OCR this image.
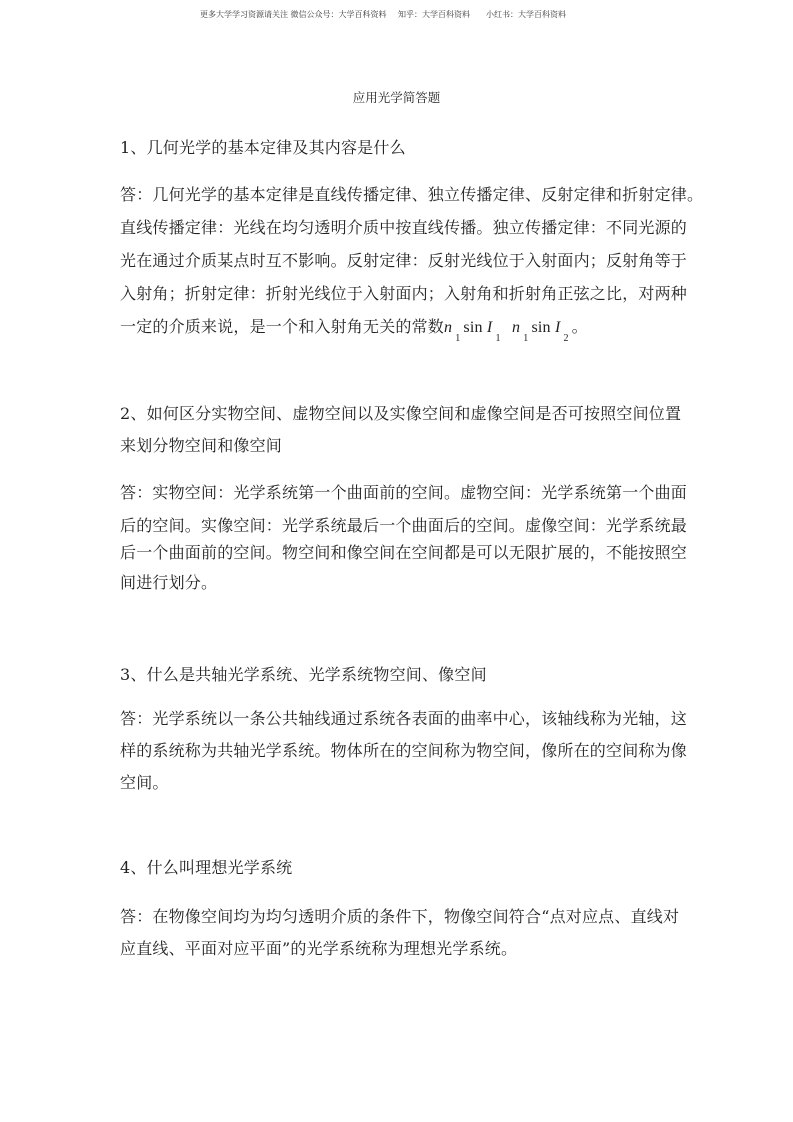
更多大学学习资源请关注 微信公众号：大学百科资料 知乎：大学百科资料 小红书：大学百科资料
应用光学简答题
1、几何光学的基本定律及其内容是什么
答：几何光学的基本定律是直线传播定律、独立传播定律、反射定律和折射定律。
直线传播定律：光线在均匀透明介质中按直线传播。独立传播定律：不同光源的
光在通过介质某点时互不影响。反射定律：反射光线位于入射面内；反射角等于
入射角；折射定律：折射光线位于入射面内；入射角和折射角正弦之比，对两种
一定的介质来说，是一个和入射角无关的常数$n_1\sin$ $I_1$  $n_1\sin$ $I_2$。
2、如何区分实物空间、虚物空间以及实像空间和虚像空间是否可按照空间位置
来划分物空间和像空间
答：实物空间：光学系统第一个曲面前的空间。虚物空间：光学系统第一个曲面
后的空间。实像空间：光学系统最后一个曲面后的空间。虚像空间：光学系统最
后一个曲面前的空间。物空间和像空间在空间都是可以无限扩展的，不能按照空
间进行划分。
3、什么是共轴光学系统、光学系统物空间、像空间
答：光学系统以一条公共轴线通过系统各表面的曲率中心，该轴线称为光轴，这
样的系统称为共轴光学系统。物体所在的空间称为物空间，像所在的空间称为像
空间。
4、什么叫理想光学系统
答：在物像空间均为均匀透明介质的条件下，物像空间符合“点对应点、直线对
应直线、平面对应平面”的光学系统称为理想光学系统。
